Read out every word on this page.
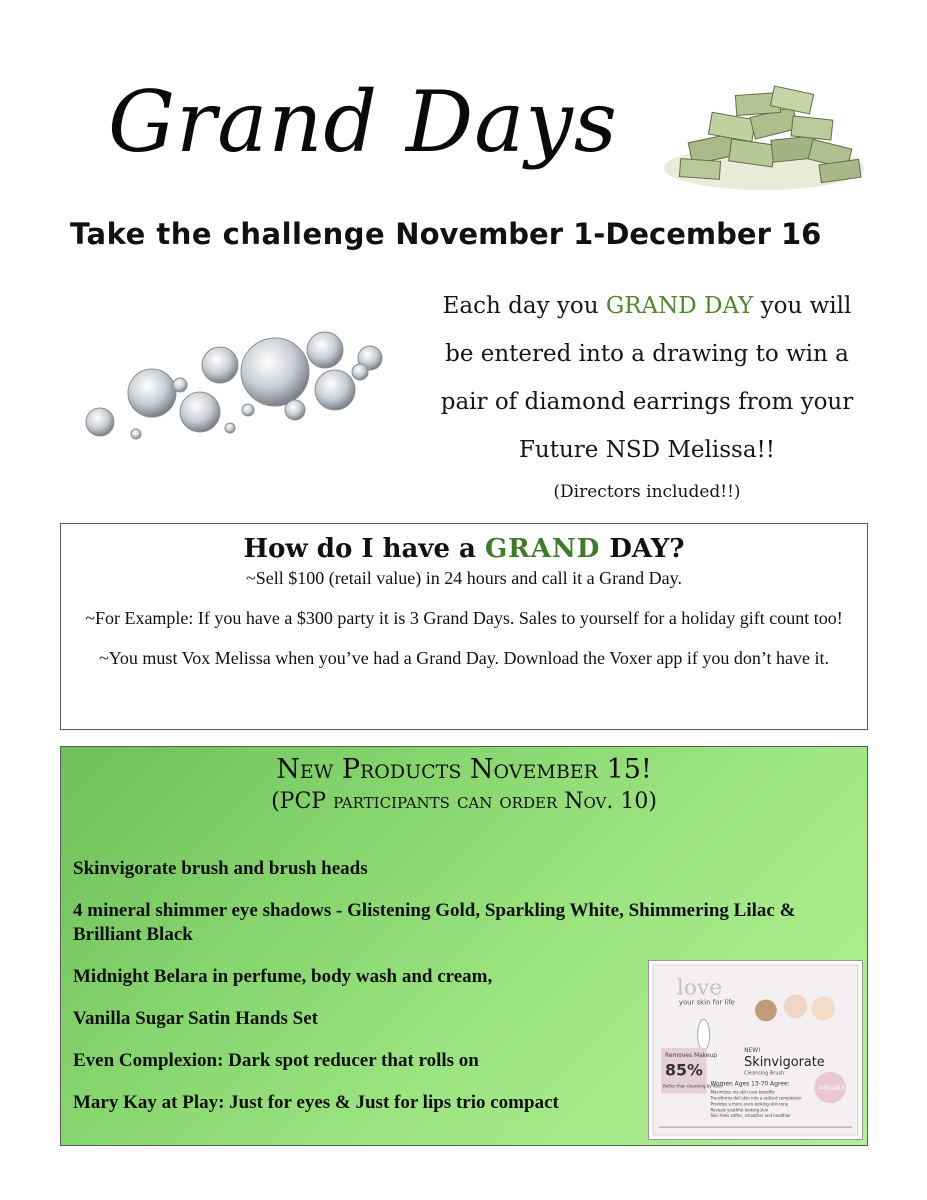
Grand Days
Take the challenge November 1-December 16
Each day you GRAND DAY you will
be entered into a drawing to win a
pair of diamond earrings from your
Future NSD Melissa!!
(Directors included!!)
How do I have a GRAND DAY?

~Sell $100 (retail value) in 24 hours and call it a Grand Day.

~For Example: If you have a $300 party it is 3 Grand Days. Sales to yourself for a holiday gift count too!

~You must Vox Melissa when you’ve had a Grand Day. Download the Voxer app if you don’t have it.

New Products November 15!
(PCP participants can order Nov. 10)
Skinvigorate brush and brush heads
4 mineral shimmer eye shadows - Glistening Gold, Sparkling White, Shimmering Lilac & Brilliant Black
Midnight Belara in perfume, body wash and cream,
Vanilla Sugar Satin Hands Set
Even Complexion: Dark spot reducer that rolls on
Mary Kay at Play: Just for eyes & Just for lips trio compact
love
your skin for life
Removes Makeup
85%
Better than cleansing by hand
NEW!
Skinvigorate
Cleansing Brush
Women Ages 13-70 Agree:
Maximizes my skin care benefits
Transforms dull skin into a radiant complexion
Provides a more even-looking skin tone
Reveals youthful-looking skin
Skin feels softer, smoother and healthier
AVAILABLE
